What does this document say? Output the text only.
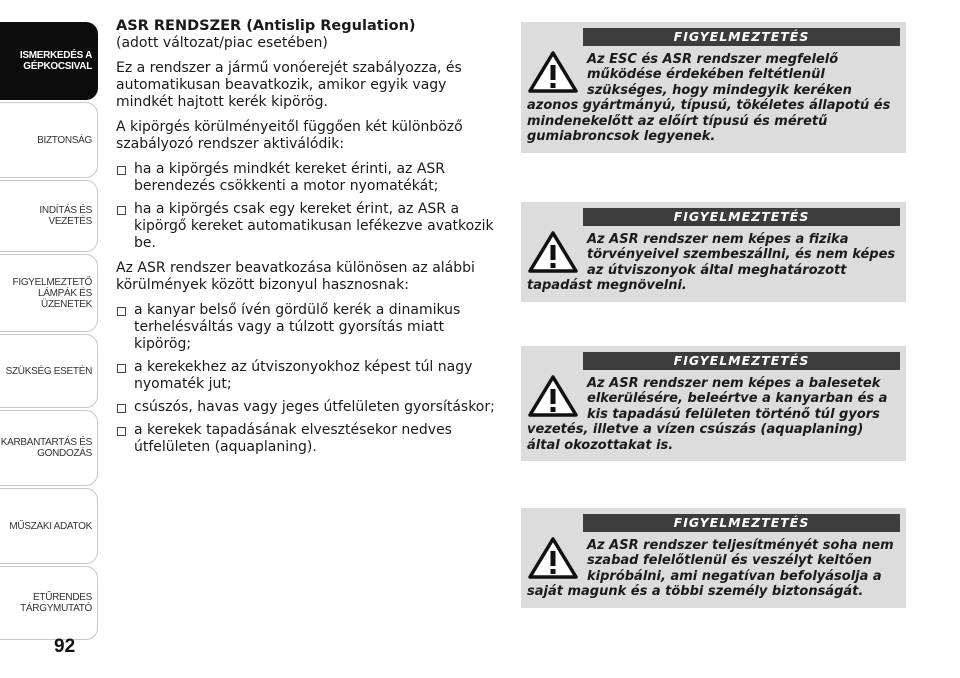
ISMERKEDÉS A
GÉPKOCSIVAL
BIZTONSÁG
INDÍTÁS ÉS VEZETÉS
FIGYELMEZTETŐ
LÁMPÁK ÉS
ÜZENETEK
SZÜKSÉG ESETÉN
KARBANTARTÁS ÉS
GONDOZÁS
MŰSZAKI ADATOK
ETŰRENDES
TÁRGYMUTATÓ
92
ASR RENDSZER (Antislip Regulation)
(adott változat/piac esetében)

Ez a rendszer a jármű vonóerejét szabályozza, és automatikusan beavatkozik, amikor egyik vagy mindkét hajtott kerék kipörög.

A kipörgés körülményeitől függően két különböző szabályozó rendszer aktiválódik:

ha a kipörgés mindkét kereket érinti, az ASR berendezés csökkenti a motor nyomatékát;
ha a kipörgés csak egy kereket érint, az ASR a kipörgő kereket automatikusan lefékezve avatkozik be.

Az ASR rendszer beavatkozása különösen az alábbi körülmények között bizonyul hasznosnak:

a kanyar belső ívén gördülő kerék a dinamikus terhelésváltás vagy a túlzott gyorsítás miatt kipörög;
a kerekekhez az útviszonyokhoz képest túl nagy nyomaték jut;
csúszós, havas vagy jeges útfelületen gyorsításkor;
a kerekek tapadásának elvesztésekor nedves útfelületen (aquaplaning).
FIGYELMEZTETÉS
Az ESC és ASR rendszer megfelelő működése érdekében feltétlenül szükséges, hogy mindegyik keréken azonos gyártmányú, típusú, tökéletes állapotú és mindenekelőtt az előírt típusú és méretű gumiabroncsok legyenek.
FIGYELMEZTETÉS
Az ASR rendszer nem képes a fizika törvényeivel szembeszállni, és nem képes az útviszonyok által meghatározott tapadást megnövelni.
FIGYELMEZTETÉS
Az ASR rendszer nem képes a balesetek elkerülésére, beleértve a kanyarban és a kis tapadású felületen történő túl gyors vezetés, illetve a vízen csúszás (aquaplaning) által okozottakat is.
FIGYELMEZTETÉS
Az ASR rendszer teljesítményét soha nem szabad felelőtlenül és veszélyt keltően kipróbálni, ami negatívan befolyásolja a saját magunk és a többi személy biztonságát.
